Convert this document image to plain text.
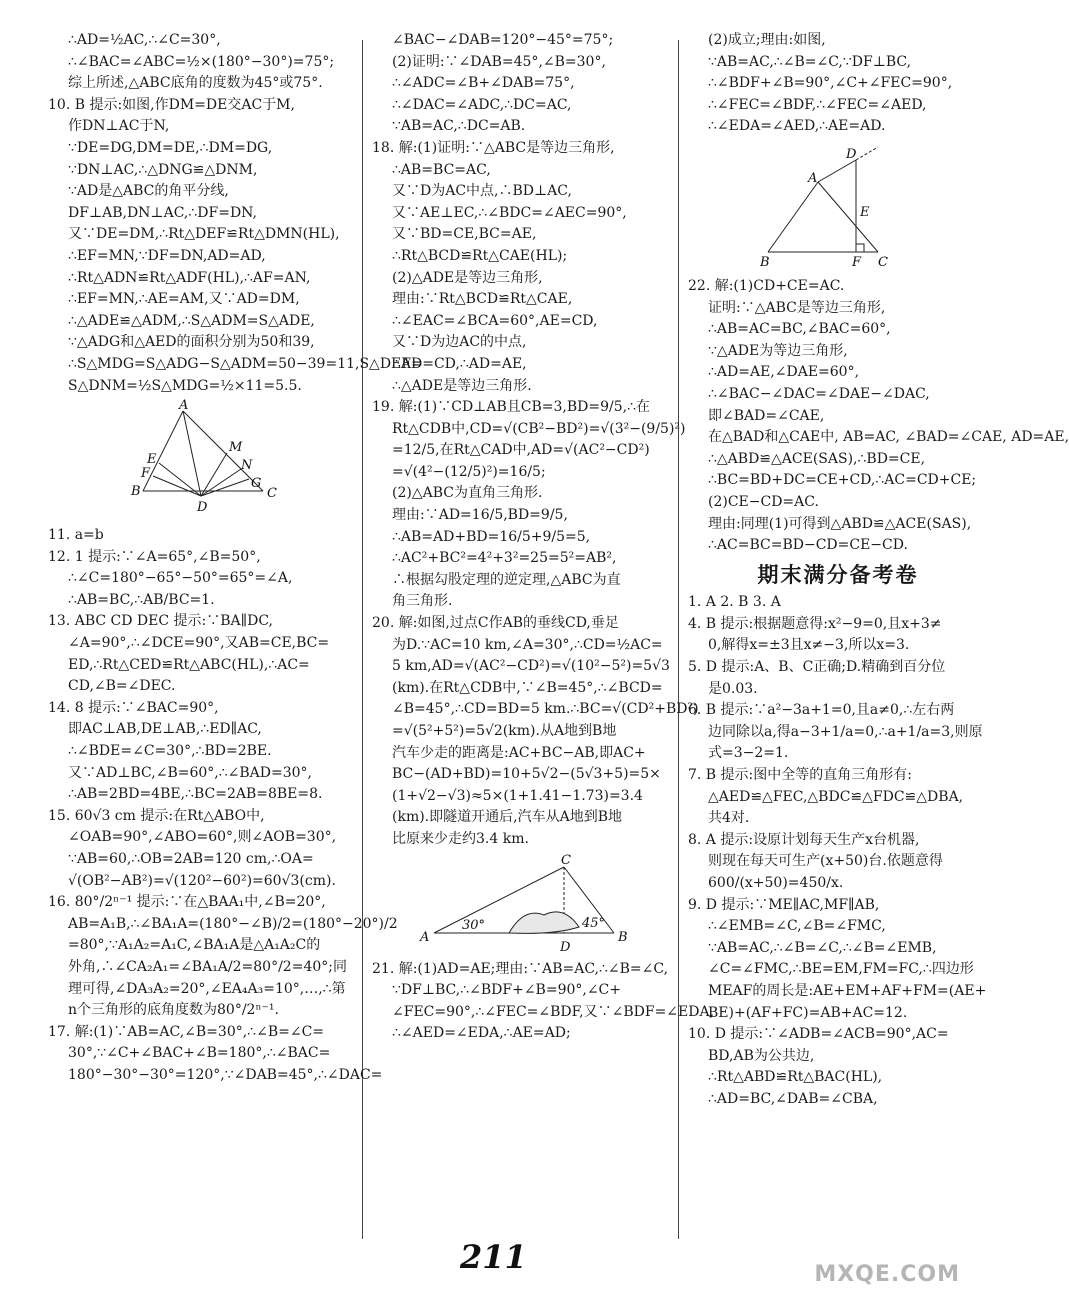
∴AD=½AC,∴∠C=30°,

∴∠BAC=∠ABC=½×(180°−30°)=75°;

综上所述,△ABC底角的度数为45°或75°.

10. B 提示:如图,作DM=DE交AC于M,

作DN⊥AC于N,

∵DE=DG,DM=DE,∴DM=DG,

∵DN⊥AC,∴△DNG≌△DNM,

∵AD是△ABC的角平分线,

DF⊥AB,DN⊥AC,∴DF=DN,

又∵DE=DM,∴Rt△DEF≌Rt△DMN(HL),

∴EF=MN,∵DF=DN,AD=AD,

∴Rt△ADN≌Rt△ADF(HL),∴AF=AN,

∴EF=MN,∴AE=AM,又∵AD=DM,

∴△ADE≌△ADM,∴S△ADM=S△ADE,

∵△ADG和△AED的面积分别为50和39,

∴S△MDG=S△ADG−S△ADM=50−39=11,S△DEF=

S△DNM=½S△MDG=½×11=5.5.

A
M
N
E
F
B
D
G
C

11. a=b

12. 1 提示:∵∠A=65°,∠B=50°,

∴∠C=180°−65°−50°=65°=∠A,

∴AB=BC,∴AB/BC=1.

13. ABC CD DEC 提示:∵BA∥DC,

∠A=90°,∴∠DCE=90°,又AB=CE,BC=

ED,∴Rt△CED≌Rt△ABC(HL),∴AC=

CD,∠B=∠DEC.

14. 8 提示:∵∠BAC=90°,

即AC⊥AB,DE⊥AB,∴ED∥AC,

∴∠BDE=∠C=30°,∴BD=2BE.

又∵AD⊥BC,∠B=60°,∴∠BAD=30°,

∴AB=2BD=4BE,∴BC=2AB=8BE=8.

15. 60√3 cm 提示:在Rt△ABO中,

∠OAB=90°,∠ABO=60°,则∠AOB=30°,

∵AB=60,∴OB=2AB=120 cm,∴OA=

√(OB²−AB²)=√(120²−60²)=60√3(cm).

16. 80°/2ⁿ⁻¹ 提示:∵在△BAA₁中,∠B=20°,

AB=A₁B,∴∠BA₁A=(180°−∠B)/2=(180°−20°)/2

=80°,∵A₁A₂=A₁C,∠BA₁A是△A₁A₂C的

外角,∴∠CA₂A₁=∠BA₁A/2=80°/2=40°;同

理可得,∠DA₃A₂=20°,∠EA₄A₃=10°,…,∴第

n个三角形的底角度数为80°/2ⁿ⁻¹.

17. 解:(1)∵AB=AC,∠B=30°,∴∠B=∠C=

30°,∵∠C+∠BAC+∠B=180°,∴∠BAC=

180°−30°−30°=120°,∵∠DAB=45°,∴∠DAC=

∠BAC−∠DAB=120°−45°=75°;

(2)证明:∵∠DAB=45°,∠B=30°,

∴∠ADC=∠B+∠DAB=75°,

∴∠DAC=∠ADC,∴DC=AC,

∵AB=AC,∴DC=AB.

18. 解:(1)证明:∵△ABC是等边三角形,

∴AB=BC=AC,

又∵D为AC中点,∴BD⊥AC,

又∵AE⊥EC,∴∠BDC=∠AEC=90°,

又∵BD=CE,BC=AE,

∴Rt△BCD≌Rt△CAE(HL);

(2)△ADE是等边三角形,

理由:∵Rt△BCD≌Rt△CAE,

∴∠EAC=∠BCA=60°,AE=CD,

又∵D为边AC的中点,

∴AD=CD,∴AD=AE,

∴△ADE是等边三角形.

19. 解:(1)∵CD⊥AB且CB=3,BD=9/5,∴在

Rt△CDB中,CD=√(CB²−BD²)=√(3²−(9/5)²)

=12/5,在Rt△CAD中,AD=√(AC²−CD²)

=√(4²−(12/5)²)=16/5;

(2)△ABC为直角三角形.

理由:∵AD=16/5,BD=9/5,

∴AB=AD+BD=16/5+9/5=5,

∴AC²+BC²=4²+3²=25=5²=AB²,

∴根据勾股定理的逆定理,△ABC为直

角三角形.

20. 解:如图,过点C作AB的垂线CD,垂足

为D.∵AC=10 km,∠A=30°,∴CD=½AC=

5 km,AD=√(AC²−CD²)=√(10²−5²)=5√3

(km).在Rt△CDB中,∵∠B=45°,∴∠BCD=

∠B=45°,∴CD=BD=5 km.∴BC=√(CD²+BD²)

=√(5²+5²)=5√2(km).从A地到B地

汽车少走的距离是:AC+BC−AB,即AC+

BC−(AD+BD)=10+5√2−(5√3+5)=5×

(1+√2−√3)≈5×(1+1.41−1.73)=3.4

(km).即隧道开通后,汽车从A地到B地

比原来少走约3.4 km.

C
A	B
D
30°	45°

21. 解:(1)AD=AE;理由:∵AB=AC,∴∠B=∠C,

∵DF⊥BC,∴∠BDF+∠B=90°,∠C+

∠FEC=90°,∴∠FEC=∠BDF,又∵∠BDF=∠EDA,

∴∠AED=∠EDA,∴AE=AD;

(2)成立;理由:如图,

∵AB=AC,∴∠B=∠C,∵DF⊥BC,

∴∠BDF+∠B=90°,∠C+∠FEC=90°,

∴∠FEC=∠BDF,∴∠FEC=∠AED,

∴∠EDA=∠AED,∴AE=AD.

D
A
E
B	F C

22. 解:(1)CD+CE=AC.

证明:∵△ABC是等边三角形,

∴AB=AC=BC,∠BAC=60°,

∵△ADE为等边三角形,

∴AD=AE,∠DAE=60°,

∴∠BAC−∠DAC=∠DAE−∠DAC,

即∠BAD=∠CAE,

在△BAD和△CAE中, AB=AC, ∠BAD=∠CAE, AD=AE,

∴△ABD≌△ACE(SAS),∴BD=CE,

∴BC=BD+DC=CE+CD,∴AC=CD+CE;

(2)CE−CD=AC.

理由:同理(1)可得到△ABD≌△ACE(SAS),

∴AC=BC=BD−CD=CE−CD.

期末满分备考卷

1. A 2. B 3. A

4. B 提示:根据题意得:x²−9=0,且x+3≠

0,解得x=±3且x≠−3,所以x=3.

5. D 提示:A、B、C正确;D.精确到百分位

是0.03.

6. B 提示:∵a²−3a+1=0,且a≠0,∴左右两

边同除以a,得a−3+1/a=0,∴a+1/a=3,则原

式=3−2=1.

7. B 提示:图中全等的直角三角形有:

△AED≌△FEC,△BDC≌△FDC≌△DBA,

共4对.

8. A 提示:设原计划每天生产x台机器,

则现在每天可生产(x+50)台.依题意得

600/(x+50)=450/x.

9. D 提示:∵ME∥AC,MF∥AB,

∴∠EMB=∠C,∠B=∠FMC,

∵AB=AC,∴∠B=∠C,∴∠B=∠EMB,

∠C=∠FMC,∴BE=EM,FM=FC,∴四边形

MEAF的周长是:AE+EM+AF+FM=(AE+

BE)+(AF+FC)=AB+AC=12.

10. D 提示:∵∠ADB=∠ACB=90°,AC=

BD,AB为公共边,

∴Rt△ABD≌Rt△BAC(HL),

∴AD=BC,∠DAB=∠CBA,

211	MXQE.COM
